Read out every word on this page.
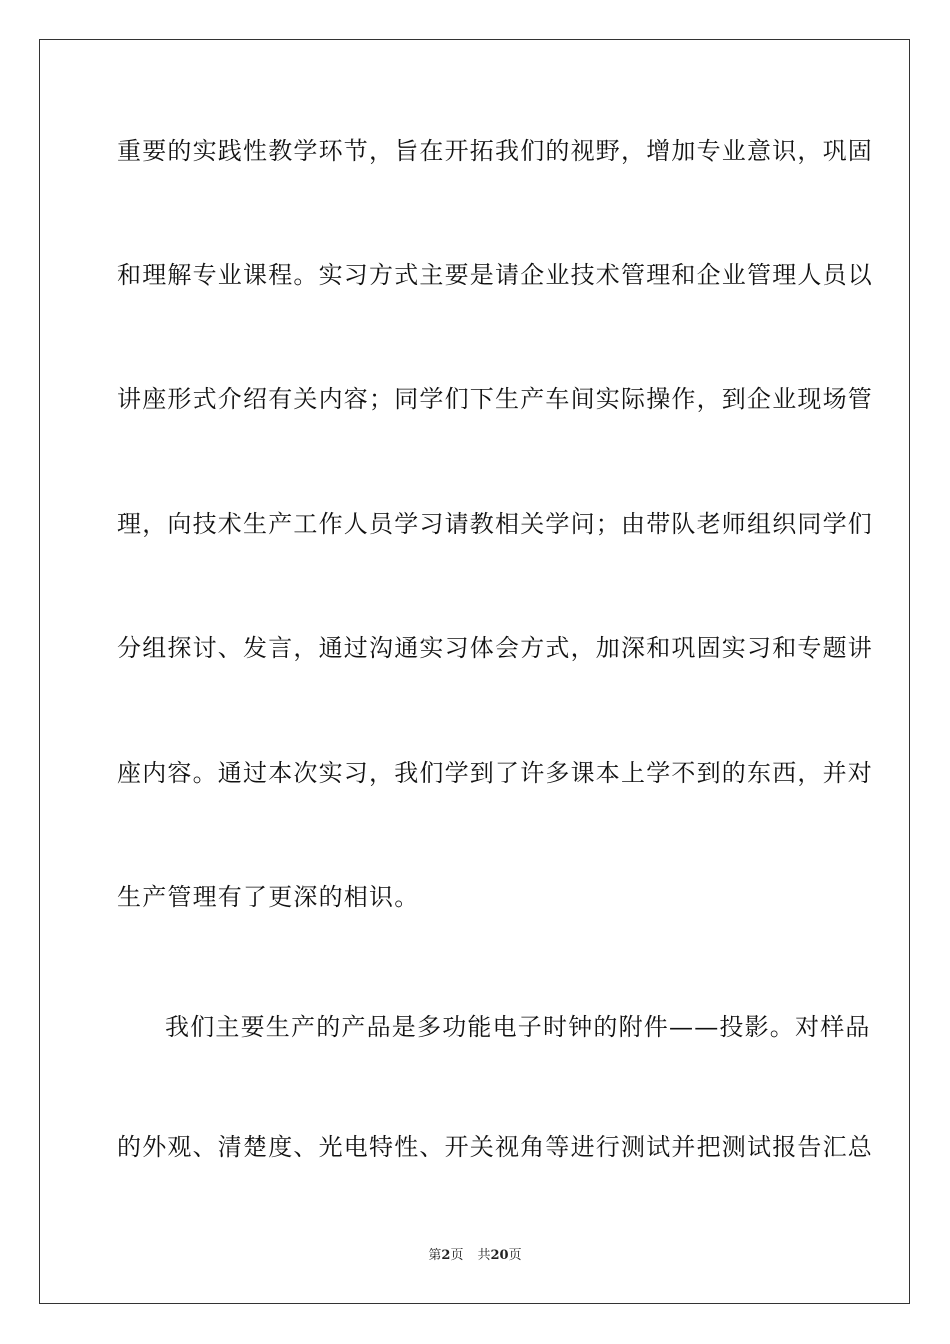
重要的实践性教学环节，旨在开拓我们的视野，增加专业意识，巩固
和理解专业课程。实习方式主要是请企业技术管理和企业管理人员以
讲座形式介绍有关内容；同学们下生产车间实际操作，到企业现场管
理，向技术生产工作人员学习请教相关学问；由带队老师组织同学们
分组探讨、发言，通过沟通实习体会方式，加深和巩固实习和专题讲
座内容。通过本次实习，我们学到了许多课本上学不到的东西，并对
生产管理有了更深的相识。
我们主要生产的产品是多功能电子时钟的附件——投影。对样品
的外观、清楚度、光电特性、开关视角等进行测试并把测试报告汇总
第2页 共20页
